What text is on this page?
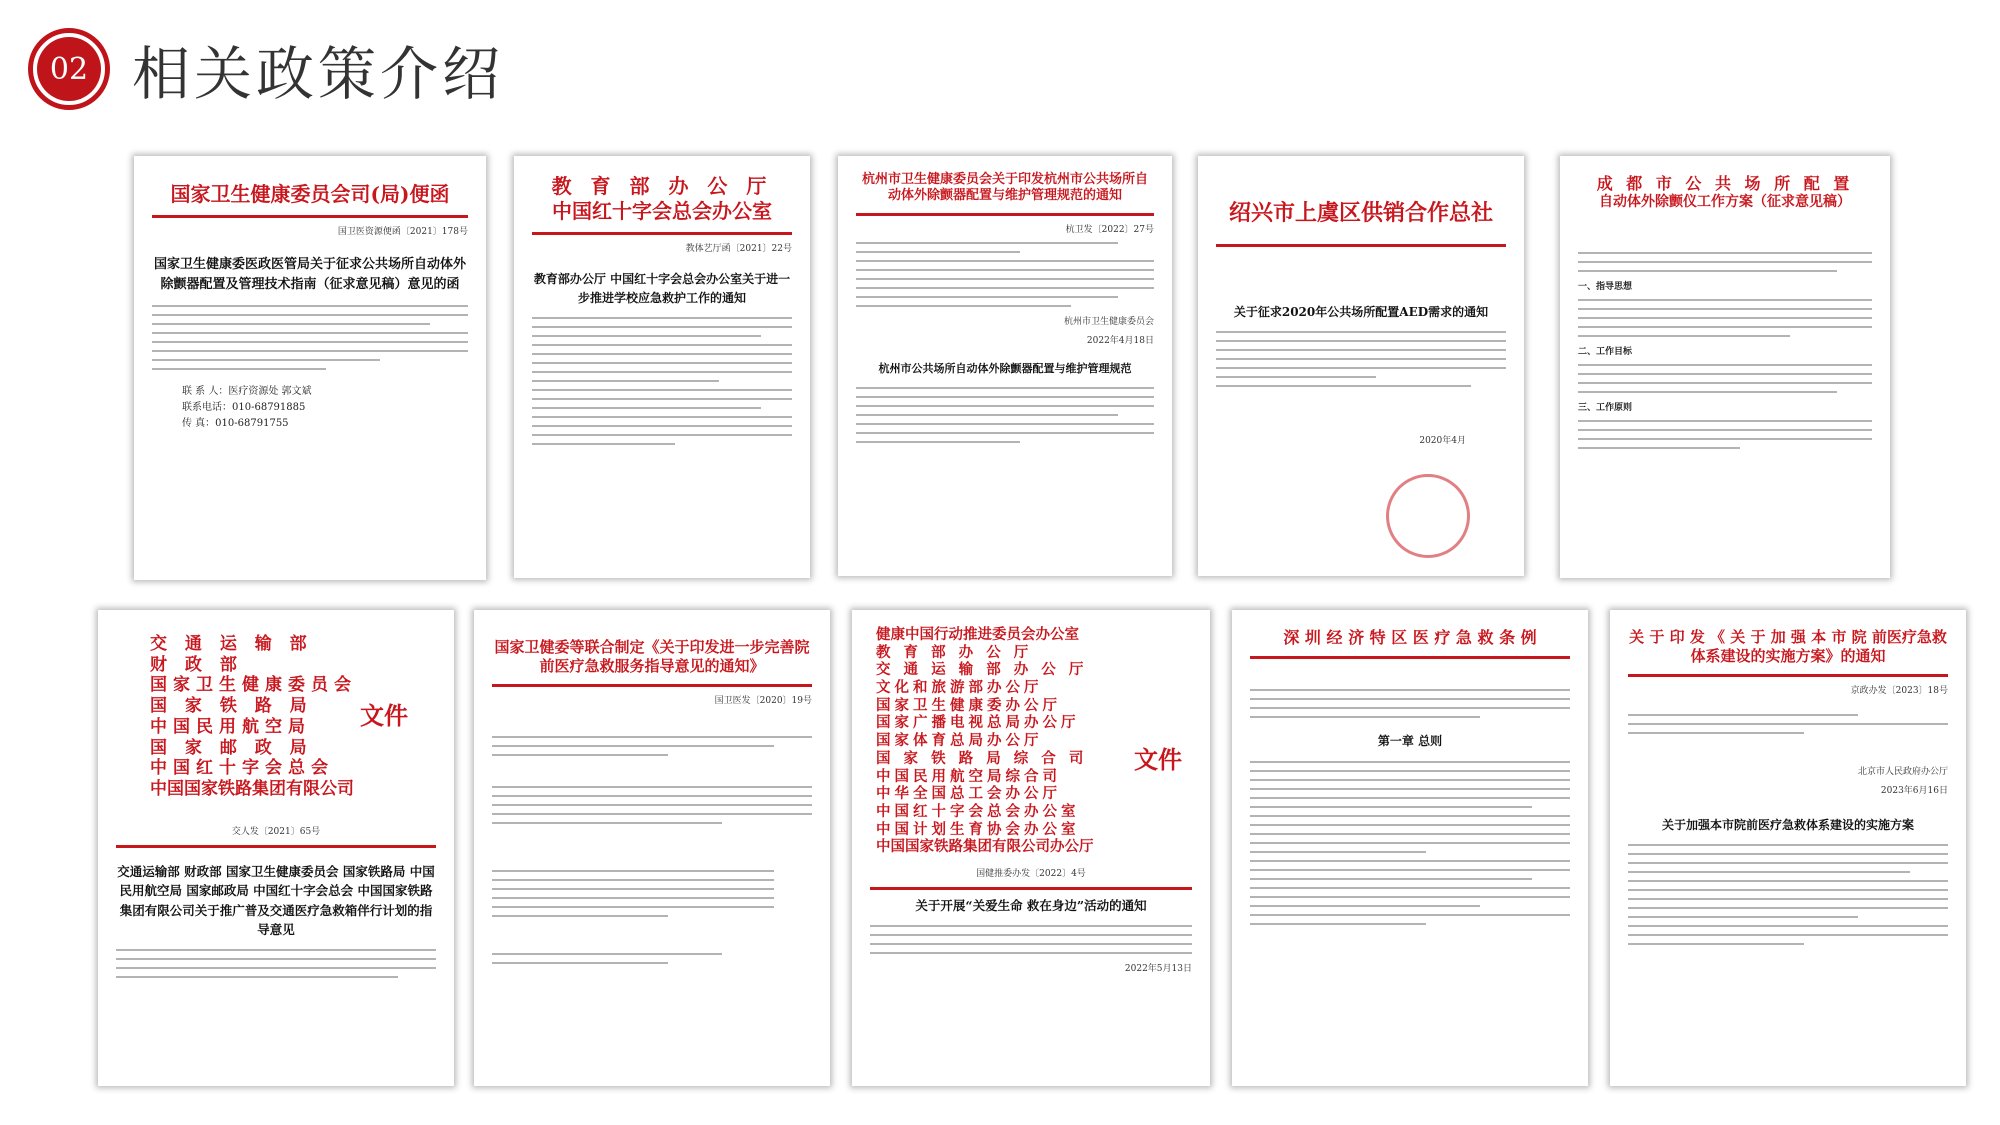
02 相关政策介绍
国家卫生健康委员会司(局)便函
国卫医资源便函〔2021〕178号
国家卫生健康委医政医管局关于征求公共场所自动体外除颤器配置及管理技术指南（征求意见稿）意见的函
联 系 人：医疗资源处 郭文斌
联系电话：010-68791885
传 真：010-68791755
教 育 部 办 公 厅
中国红十字会总会办公室
教体艺厅函〔2021〕22号
教育部办公厅 中国红十字会总会办公室关于进一步推进学校应急救护工作的通知
杭州市卫生健康委员会关于印发杭州市公共场所自动体外除颤器配置与维护管理规范的通知
杭卫发〔2022〕27号
杭州市卫生健康委员会
2022年4月18日
杭州市公共场所自动体外除颤器配置与维护管理规范
绍兴市上虞区供销合作总社
关于征求2020年公共场所配置AED需求的通知
2020年4月
成 都 市 公 共 场 所 配 置
自动体外除颤仪工作方案（征求意见稿）
一、指导思想
二、工作目标
三、工作原则
交 通 运 输 部
财 政 部
国家卫生健康委员会
国 家 铁 路 局
中国民用航空局
国 家 邮 政 局
中国红十字会总会
中国国家铁路集团有限公司
文件
交人发〔2021〕65号
交通运输部 财政部 国家卫生健康委员会 国家铁路局 中国民用航空局 国家邮政局 中国红十字会总会 中国国家铁路集团有限公司关于推广普及交通医疗急救箱伴行计划的指导意见
国家卫健委等联合制定《关于印发进一步完善院前医疗急救服务指导意见的通知》
国卫医发〔2020〕19号
健康中国行动推进委员会办公室
教 育 部 办 公 厅
交 通 运 输 部 办 公 厅
文化和旅游部办公厅
国家卫生健康委办公厅
国家广播电视总局办公厅
国家体育总局办公厅
国 家 铁 路 局 综 合 司
中国民用航空局综合司
中华全国总工会办公厅
中国红十字会总会办公室
中国计划生育协会办公室
中国国家铁路集团有限公司办公厅
文件
国健推委办发〔2022〕4号
关于开展“关爱生命 救在身边”活动的通知
2022年5月13日
深 圳 经 济 特 区 医 疗 急 救 条 例
第一章 总则
关 于 印 发 《 关 于 加 强 本 市 院 前医疗急救体系建设的实施方案》的通知
京政办发〔2023〕18号
北京市人民政府办公厅
2023年6月16日
关于加强本市院前医疗急救体系建设的实施方案
